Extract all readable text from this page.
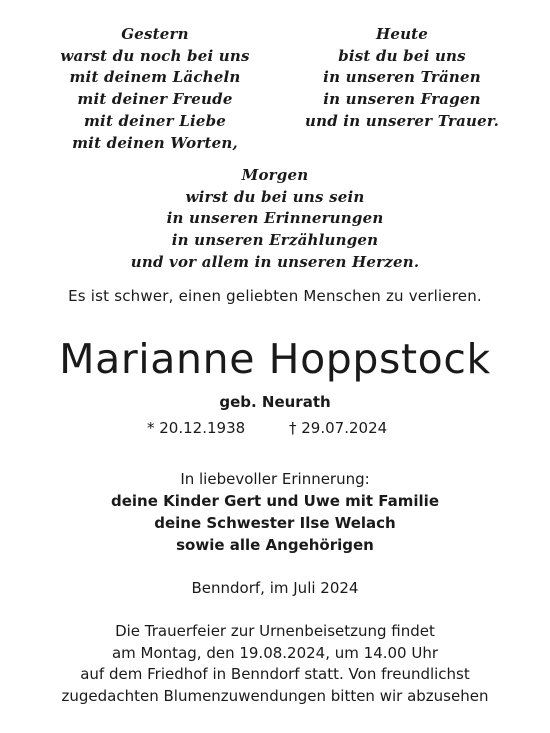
Gestern
warst du noch bei uns
mit deinem Lächeln
mit deiner Freude
mit deiner Liebe
mit deinen Worten,
Heute
bist du bei uns
in unseren Tränen
in unseren Fragen
und in unserer Trauer.
Morgen
wirst du bei uns sein
in unseren Erinnerungen
in unseren Erzählungen
und vor allem in unseren Herzen.
Es ist schwer, einen geliebten Menschen zu verlieren.
Marianne Hoppstock
geb. Neurath
* 20.12.1938	† 29.07.2024
In liebevoller Erinnerung:
deine Kinder Gert und Uwe mit Familie
deine Schwester Ilse Welach
sowie alle Angehörigen
Benndorf, im Juli 2024
Die Trauerfeier zur Urnenbeisetzung findet
am Montag, den 19.08.2024, um 14.00 Uhr
auf dem Friedhof in Benndorf statt. Von freundlichst
zugedachten Blumenzuwendungen bitten wir abzusehen
